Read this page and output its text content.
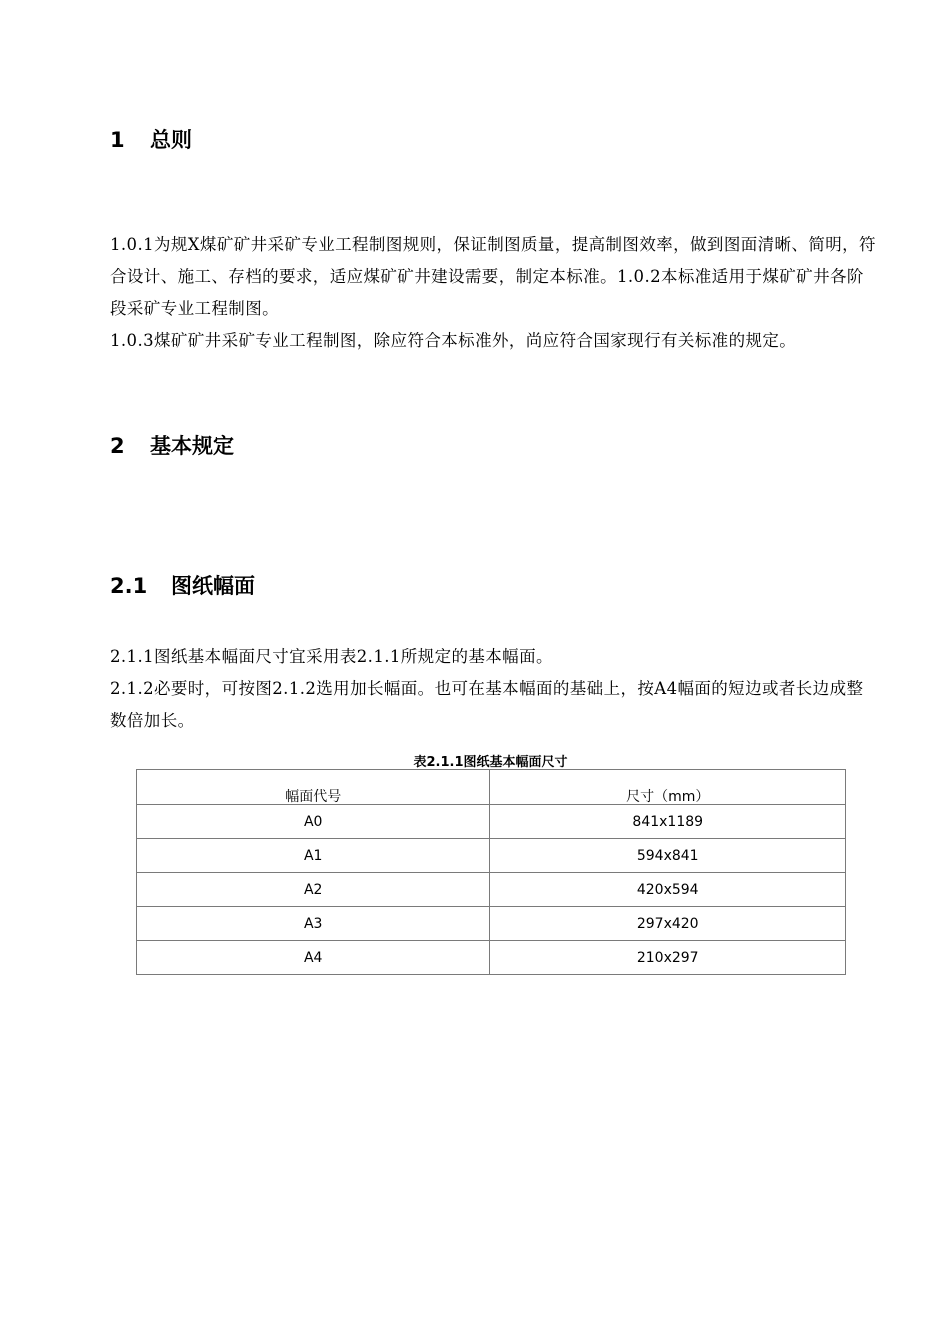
1 总则

1.0.1为规X煤矿矿井采矿专业工程制图规则，保证制图质量，提高制图效率，做到图面清晰、简明，符合设计、施工、存档的要求，适应煤矿矿井建设需要，制定本标准。1.0.2本标准适用于煤矿矿井各阶段采矿专业工程制图。

1.0.3煤矿矿井采矿专业工程制图，除应符合本标准外，尚应符合国家现行有关标准的规定。

2 基本规定
2.1 图纸幅面

2.1.1图纸基本幅面尺寸宜采用表2.1.1所规定的基本幅面。

2.1.2必要时，可按图2.1.2选用加长幅面。也可在基本幅面的基础上，按A4幅面的短边或者长边成整数倍加长。

表2.1.1图纸基本幅面尺寸
幅面代号	尺寸（mm）
A0	841x1189
A1	594x841
A2	420x594
A3	297x420
A4	210x297
